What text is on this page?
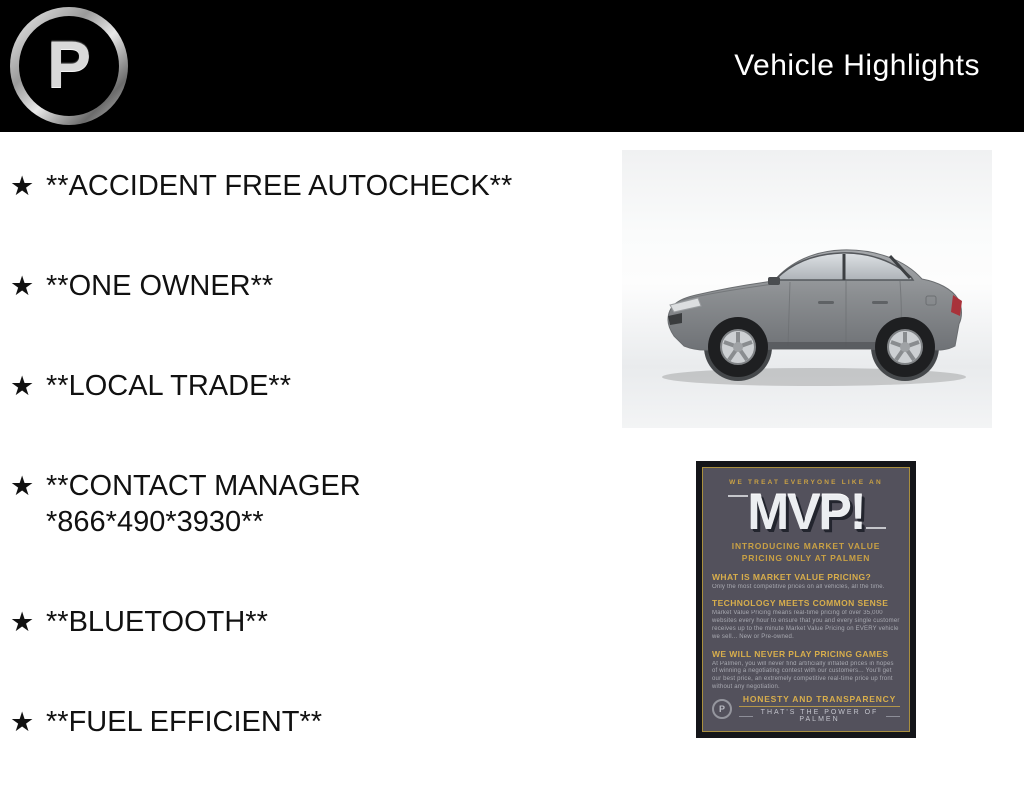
P	Vehicle Highlights
★ **ACCIDENT FREE AUTOCHECK**
★ **ONE OWNER**
★ **LOCAL TRADE**
★ **CONTACT MANAGER
*866*490*3930**
★ **BLUETOOTH**
★ **FUEL EFFICIENT**
WE TREAT EVERYONE LIKE AN
MVP!
INTRODUCING MARKET VALUE
PRICING ONLY AT PALMEN
WHAT IS MARKET VALUE PRICING?
Only the most competitive prices on all vehicles, all the time.
TECHNOLOGY MEETS COMMON SENSE
Market Value Pricing means real-time pricing of over 35,000 websites every hour to ensure that you and every single customer receives up to the minute Market Value Pricing on EVERY vehicle we sell... New or Pre-owned.
WE WILL NEVER PLAY PRICING GAMES
At Palmen, you will never find artificially inflated prices in hopes of winning a negotiating contest with our customers... You'll get our best price, an extremely competitive real-time price up front without any negotiation.
P
HONESTY AND TRANSPARENCY
THAT'S THE POWER OF PALMEN
